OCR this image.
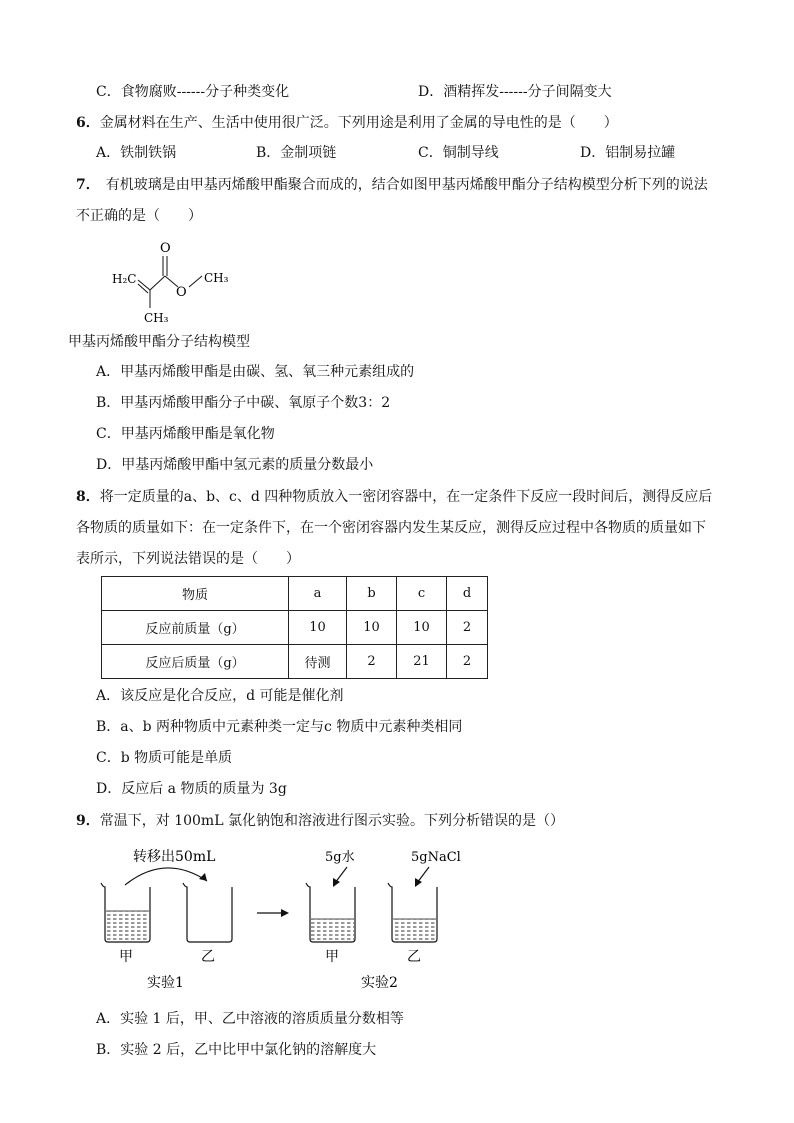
C．食物腐败------分子种类变化	D．酒精挥发------分子间隔变大
6．金属材料在生产、生活中使用很广泛。下列用途是利用了金属的导电性的是（　　）
A．铁制铁锅	B．金制项链	C．铜制导线	D．铝制易拉罐
7． 有机玻璃是由甲基丙烯酸甲酯聚合而成的，结合如图甲基丙烯酸甲酯分子结构模型分析下列的说法
不正确的是（　　）
O
H₂C
CH₃
O
CH₃
甲基丙烯酸甲酯分子结构模型
A．甲基丙烯酸甲酯是由碳、氢、氧三种元素组成的
B．甲基丙烯酸甲酯分子中碳、氧原子个数3：2
C．甲基丙烯酸甲酯是氧化物
D．甲基丙烯酸甲酯中氢元素的质量分数最小
8．将一定质量的a、b、c、d 四种物质放入一密闭容器中，在一定条件下反应一段时间后，测得反应后
各物质的质量如下：在一定条件下，在一个密闭容器内发生某反应，测得反应过程中各物质的质量如下
表所示，下列说法错误的是（　　）
物质	a	b	c	d
反应前质量（g）	10	10	10	2
反应后质量（g）	待测	2	21	2
A．该反应是化合反应，d 可能是催化剂
B．a、b 两种物质中元素种类一定与c 物质中元素种类相同
C．b 物质可能是单质
D．反应后 a 物质的质量为 3g
9．常温下，对 100mL 氯化钠饱和溶液进行图示实验。下列分析错误的是（）
转移出50mL
甲	乙
实验1
5g水
甲
5gNaCl
乙
实验2
A．实验 1 后，甲、乙中溶液的溶质质量分数相等
B．实验 2 后，乙中比甲中氯化钠的溶解度大
